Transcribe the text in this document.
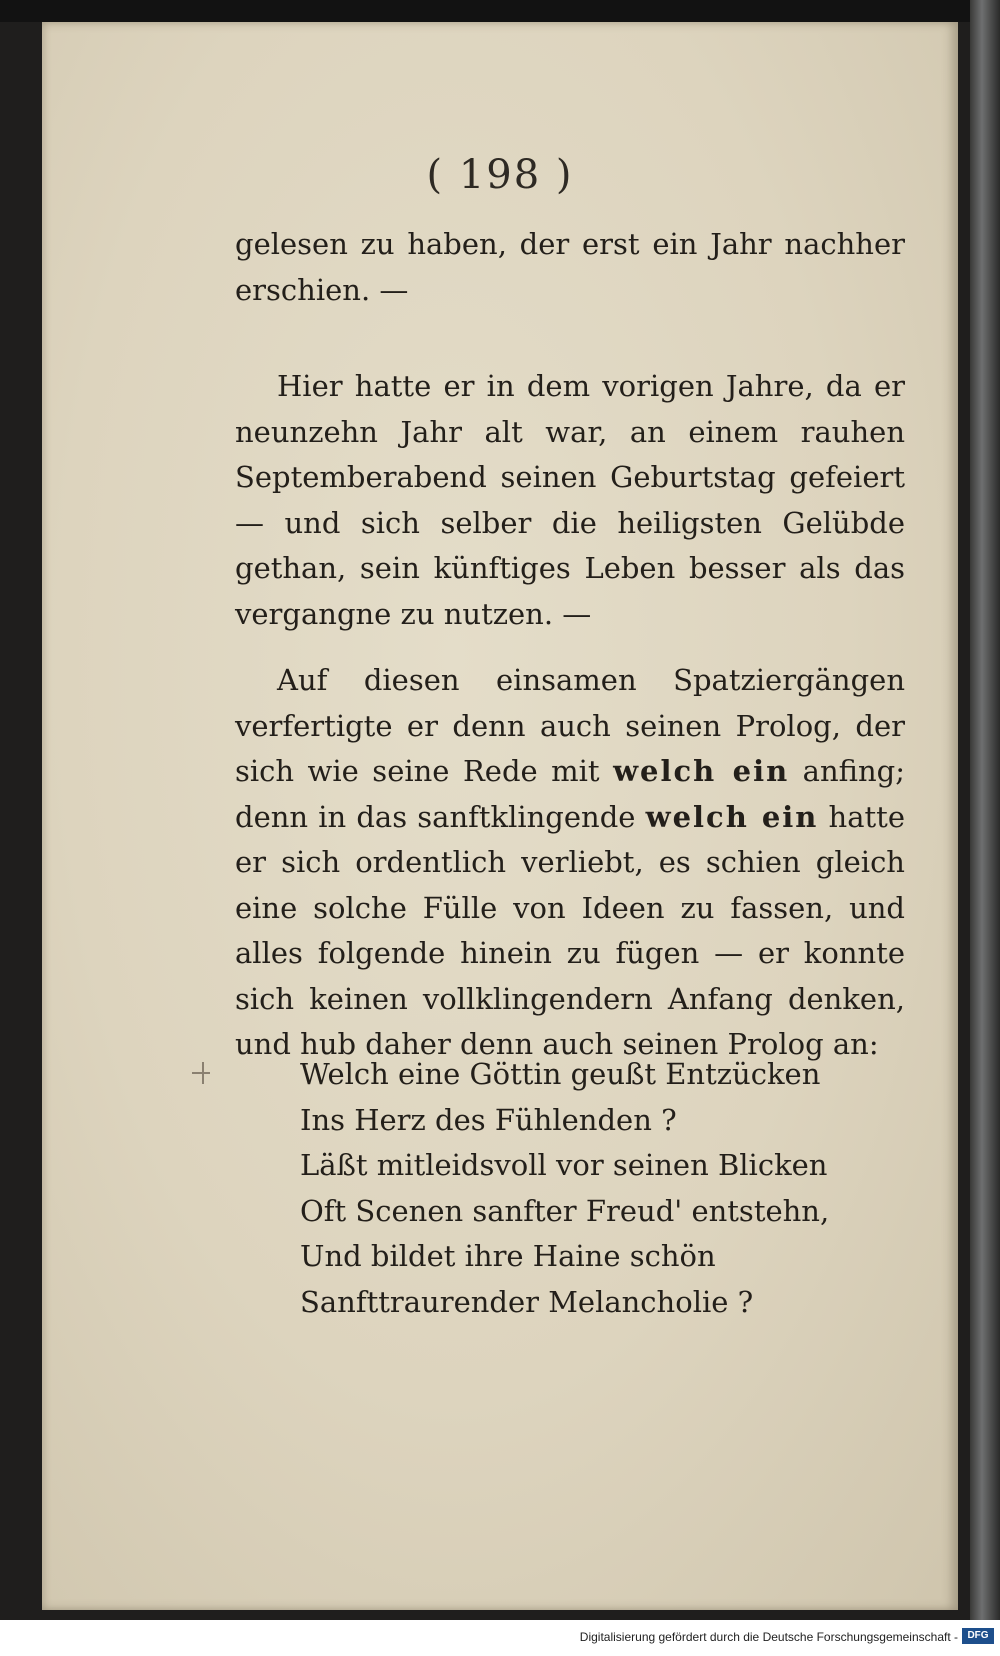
( 198 )

gelesen zu haben, der erst ein Jahr nachher erschien. —

Hier hatte er in dem vorigen Jahre, da er neunzehn Jahr alt war, an einem rauhen Septemberabend seinen Geburtstag gefeiert — und sich selber die heiligsten Gelübde gethan, sein künftiges Leben besser als das vergangne zu nutzen. —

Auf diesen einsamen Spatziergängen verfertigte er denn auch seinen Prolog, der sich wie seine Rede mit welch ein anfing; denn in das sanftklingende welch ein hatte er sich ordentlich verliebt, es schien gleich eine solche Fülle von Ideen zu fassen, und alles folgende hinein zu fügen — er konnte sich keinen vollklingendern Anfang denken, und hub daher denn auch seinen Prolog an:

Welch eine Göttin geußt Entzücken
Ins Herz des Fühlenden ?
Läßt mitleidsvoll vor seinen Blicken
Oft Scenen sanfter Freud' entstehn,
Und bildet ihre Haine schön
Sanfttraurender Melancholie ?
Digitalisierung gefördert durch die Deutsche Forschungsgemeinschaft - DFG
